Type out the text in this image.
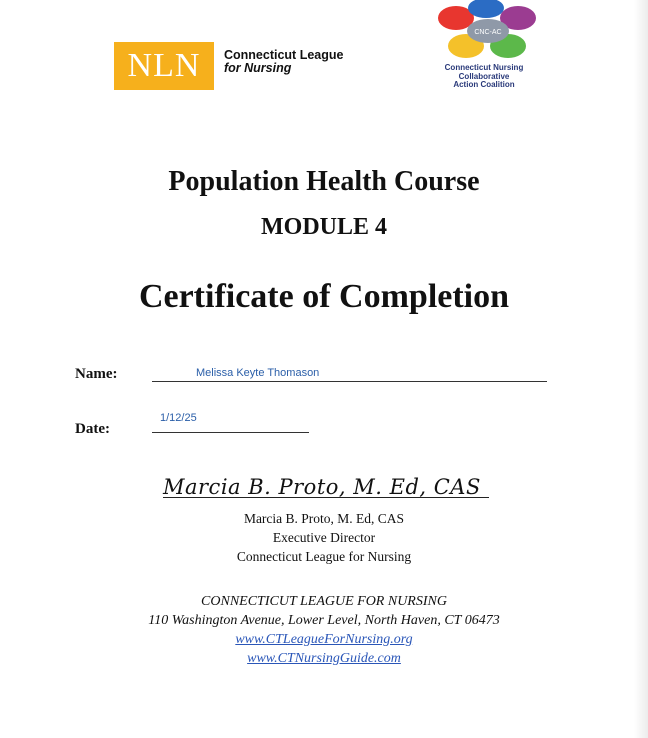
NLN Connecticut League
for Nursing
CNC-AC
Connecticut Nursing
Collaborative
Action Coalition
Population Health Course
MODULE 4
Certificate of Completion
Name:	Melissa Keyte Thomason
Date:
1/12/25
Marcia B. Proto, M. Ed, CAS
Marcia B. Proto, M. Ed, CAS
Executive Director
Connecticut League for Nursing
CONNECTICUT LEAGUE FOR NURSING
110 Washington Avenue, Lower Level, North Haven, CT 06473
www.CTLeagueForNursing.org
www.CTNursingGuide.com
